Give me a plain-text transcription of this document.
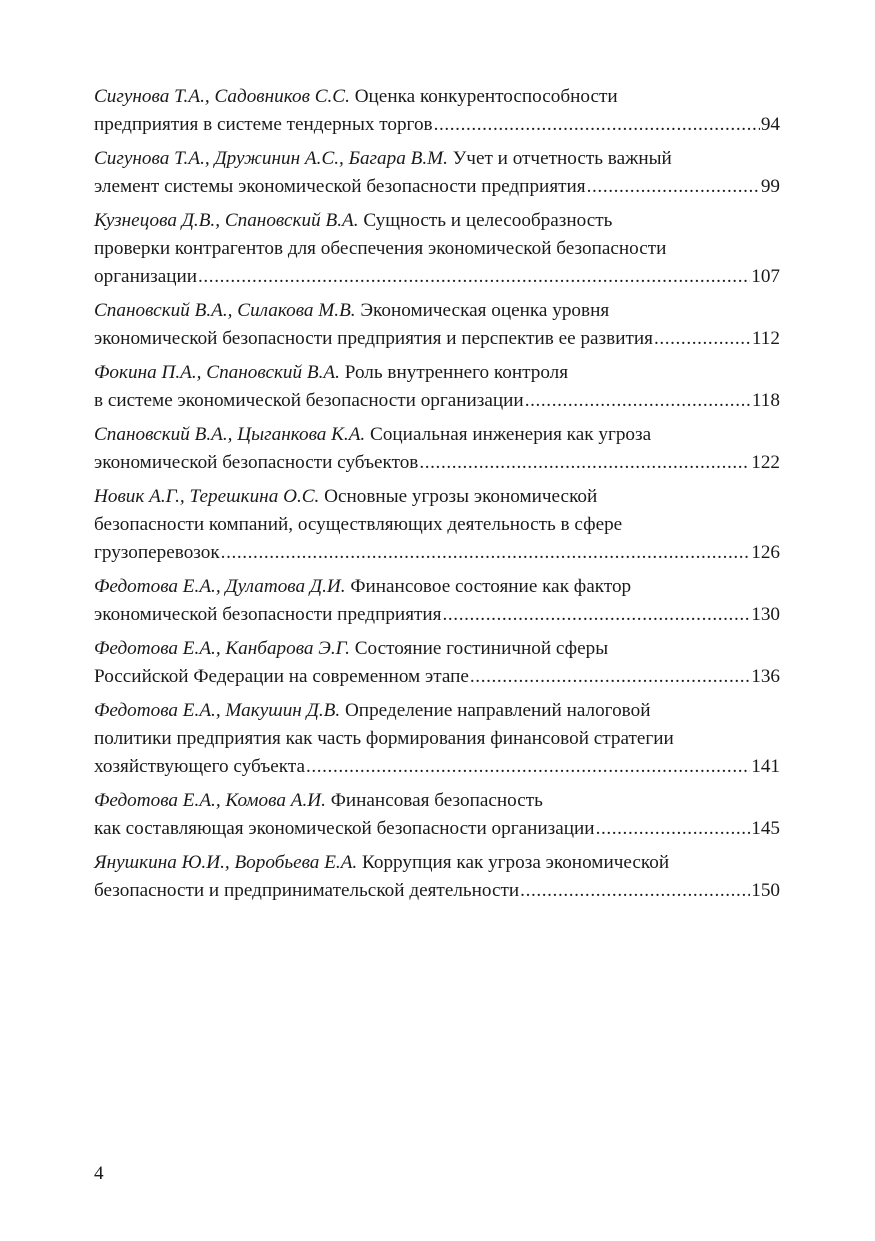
Сигунова Т.А., Садовников С.С.
Оценка конкурентоспособности
предприятия в системе тендерных торгов .....	94
Сигунова Т.А., Дружинин А.С., Багара В.М.
Учет и отчетность важный
элемент системы экономической безопасности предприятия .....	99
Кузнецова Д.В., Спановский В.А.
Сущность и целесообразность
проверки контрагентов для обеспечения экономической безопасности
организации .....	107
Спановский В.А., Силакова М.В.
Экономическая оценка уровня
экономической безопасности предприятия и перспектив ее развития .....	112
Фокина П.А., Спановский В.А.
Роль внутреннего контроля
в системе экономической безопасности организации .....	118
Спановский В.А., Цыганкова К.А.
Социальная инженерия как угроза
экономической безопасности субъектов .....	122
Новик А.Г., Терешкина О.С.
Основные угрозы экономической
безопасности компаний, осуществляющих деятельность в сфере
грузоперевозок .....	126
Федотова Е.А., Дулатова Д.И.
Финансовое состояние как фактор
экономической безопасности предприятия .....	130
Федотова Е.А., Канбарова Э.Г.
Состояние гостиничной сферы
Российской Федерации на современном этапе .....	136
Федотова Е.А., Макушин Д.В.
Определение направлений налоговой
политики предприятия как часть формирования финансовой стратегии
хозяйствующего субъекта .....	141
Федотова Е.А., Комова А.И.
Финансовая безопасность
как составляющая экономической безопасности организации .....	145
Янушкина Ю.И., Воробьева Е.А.
Коррупция как угроза экономической
безопасности и предпринимательской деятельности .....	150
4
